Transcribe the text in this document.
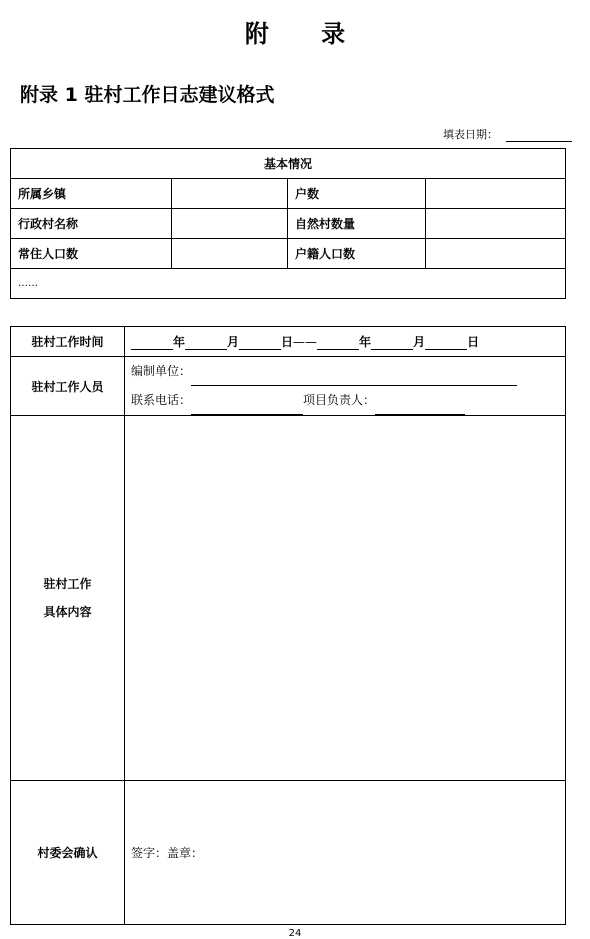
附 录
附录 1 驻村工作日志建议格式
填表日期：
基本情况			
所属乡镇		户数	
行政村名称		自然村数量	
常住人口数		户籍人口数	
……			
驻村工作时间	年 月 日—— 年 月 日
驻村工作人员	编制单位：
联系电话： 项目负责人：

驻村工作
具体内容	

村委会确认	签字：盖章：
24
